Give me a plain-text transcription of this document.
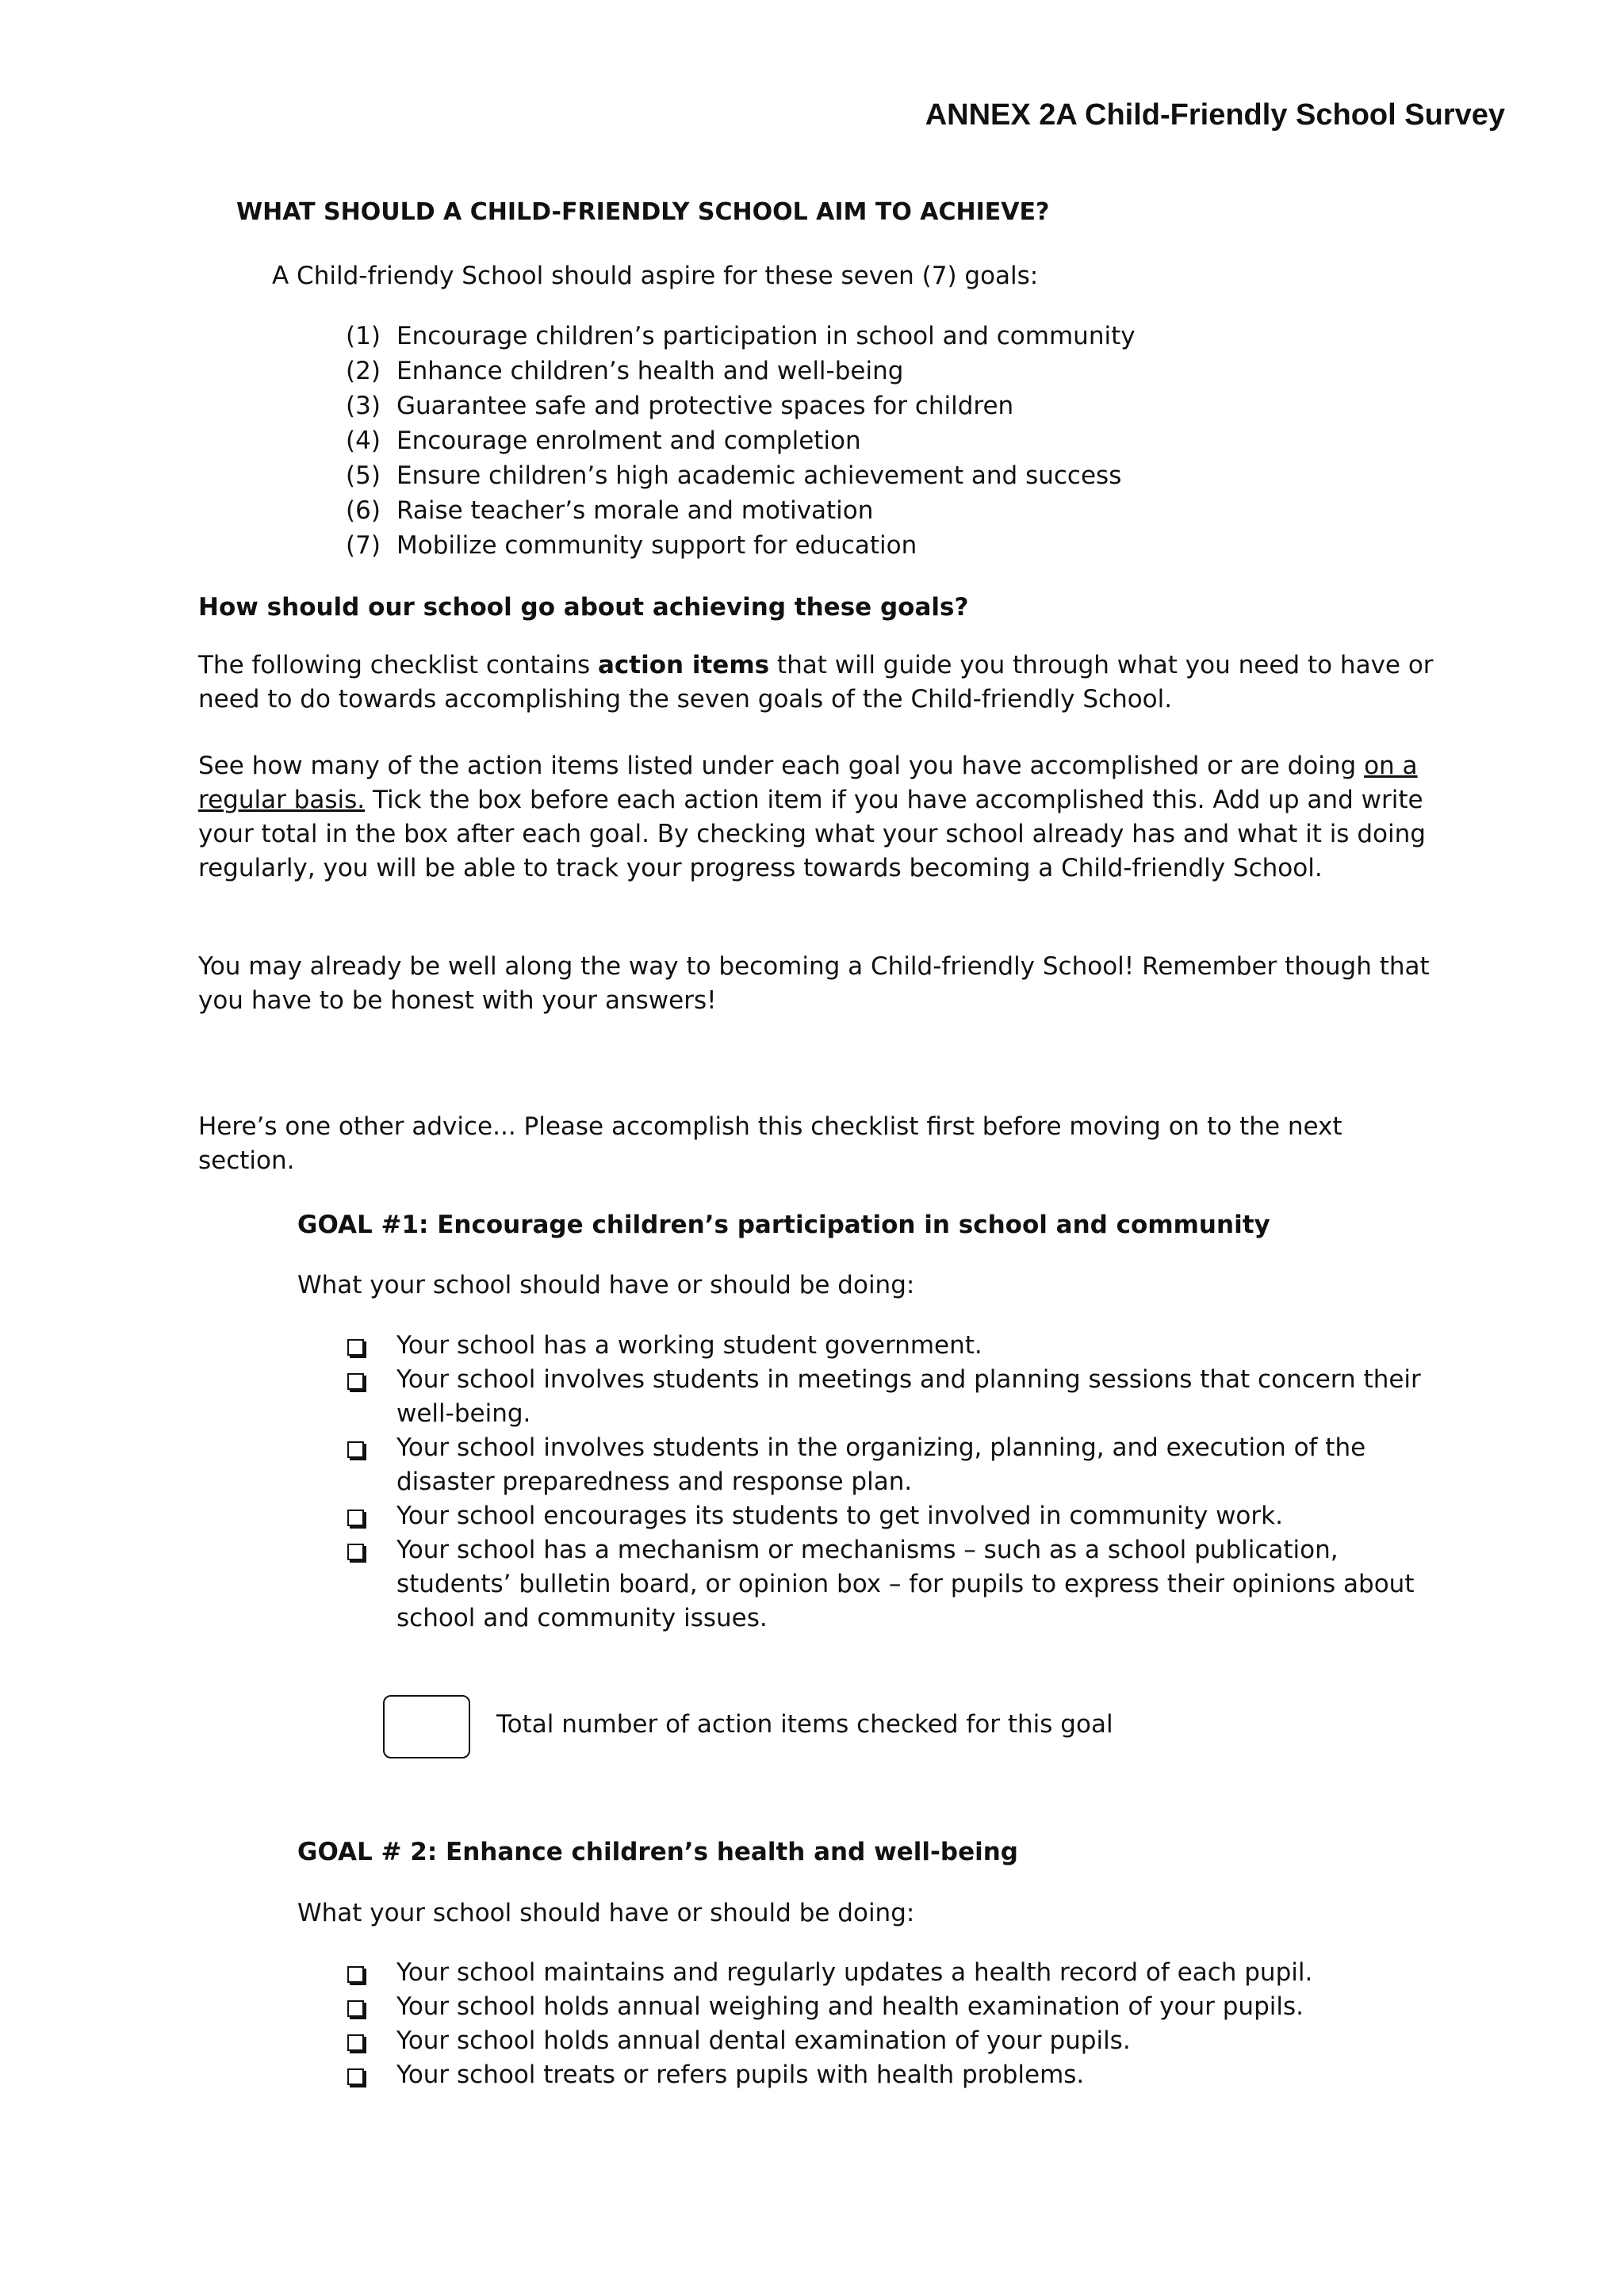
ANNEX 2A Child-Friendly School Survey
WHAT SHOULD A CHILD-FRIENDLY SCHOOL AIM TO ACHIEVE?
A Child-friendy School should aspire for these seven (7) goals:
(1) Encourage children’s participation in school and community
(2) Enhance children’s health and well-being
(3) Guarantee safe and protective spaces for children
(4) Encourage enrolment and completion
(5) Ensure children’s high academic achievement and success
(6) Raise teacher’s morale and motivation
(7) Mobilize community support for education
How should our school go about achieving these goals?

The following checklist contains action items that will guide you through what you need to have or need to do towards accomplishing the seven goals of the Child-friendly School.

See how many of the action items listed under each goal you have accomplished or are doing on a regular basis. Tick the box before each action item if you have accomplished this. Add up and write your total in the box after each goal. By checking what your school already has and what it is doing regularly, you will be able to track your progress towards becoming a Child-friendly School.

You may already be well along the way to becoming a Child-friendly School! Remember though that you have to be honest with your answers!

Here’s one other advice... Please accomplish this checklist first before moving on to the next section.

GOAL #1: Encourage children’s participation in school and community
What your school should have or should be doing:
Your school has a working student government.
Your school involves students in meetings and planning sessions that concern their well-being.
Your school involves students in the organizing, planning, and execution of the disaster preparedness and response plan.
Your school encourages its students to get involved in community work.
Your school has a mechanism or mechanisms – such as a school publication, students’ bulletin board, or opinion box – for pupils to express their opinions about school and community issues.
Total number of action items checked for this goal
GOAL # 2: Enhance children’s health and well-being
What your school should have or should be doing:
Your school maintains and regularly updates a health record of each pupil.
Your school holds annual weighing and health examination of your pupils.
Your school holds annual dental examination of your pupils.
Your school treats or refers pupils with health problems.
